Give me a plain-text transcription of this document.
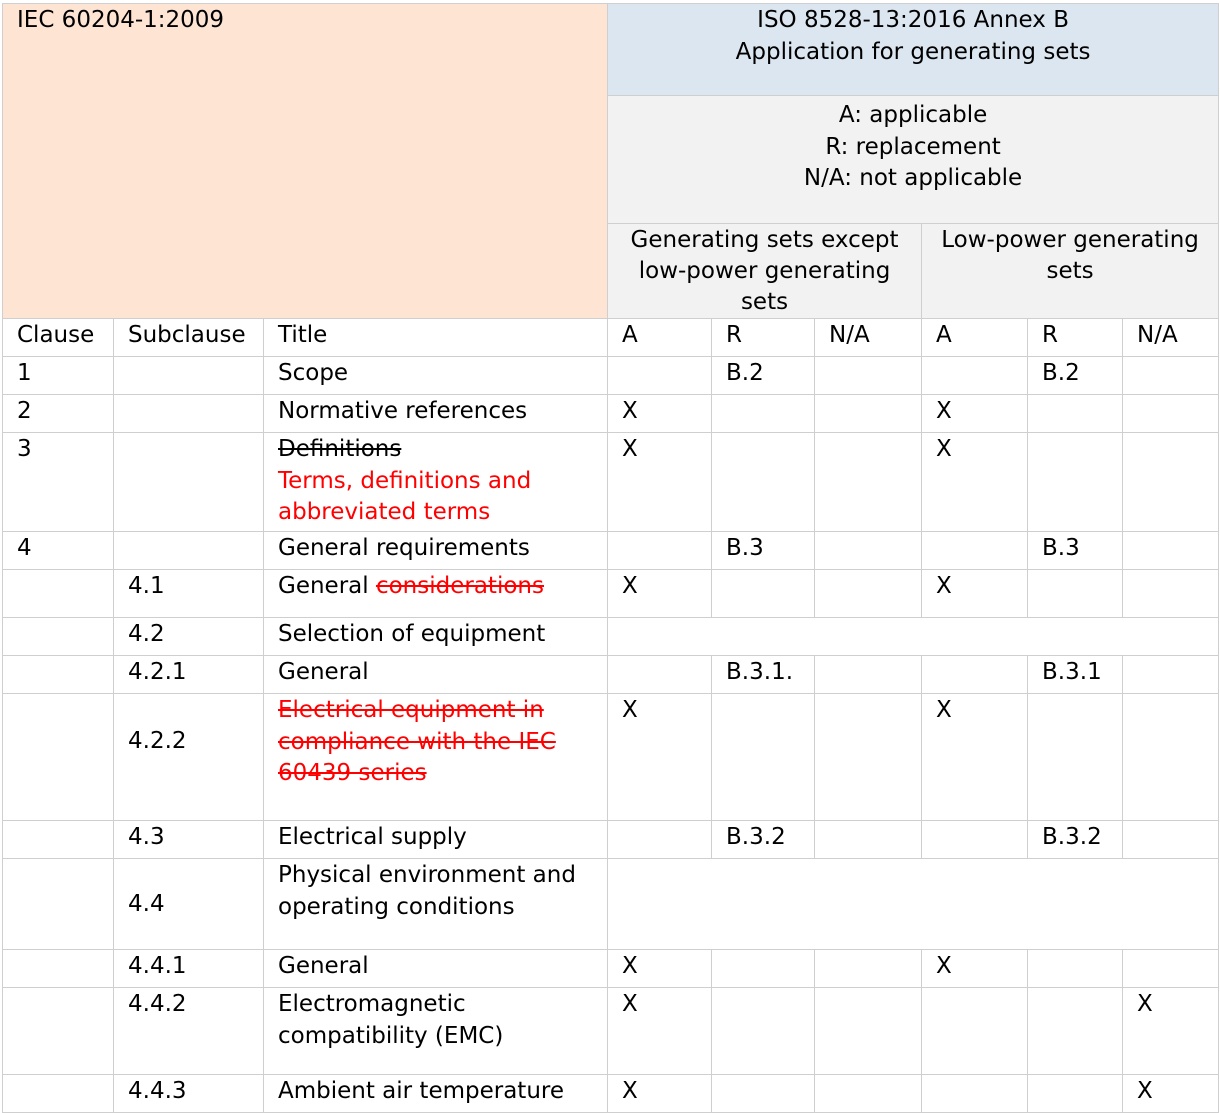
IEC 60204-1:2009			ISO 8528-13:2016 Annex B
Application for generating sets					

			A: applicable
R: replacement
N/A: not applicable					

			Generating sets except low-power generating sets			Low-power generating sets		
Clause	Subclause	Title	A	R	N/A	A	R	N/A
1		Scope		B.2			B.2	
2		Normative references	X			X		
3		Definitions
Terms, definitions and
abbreviated terms	X			X		
4		General requirements		B.3			B.3	
	4.1	General considerations	X			X		
	4.2	Selection of equipment						
	4.2.1	General		B.3.1.			B.3.1	
	4.2.2	Electrical equipment in
compliance with the IEC
60439 series	X			X		
	4.3	Electrical supply		B.3.2			B.3.2	
	4.4	Physical environment and
operating conditions						

	4.4.1	General	X			X		
	4.4.2	Electromagnetic
compatibility (EMC)	X					X
	4.4.3	Ambient air temperature	X					X
